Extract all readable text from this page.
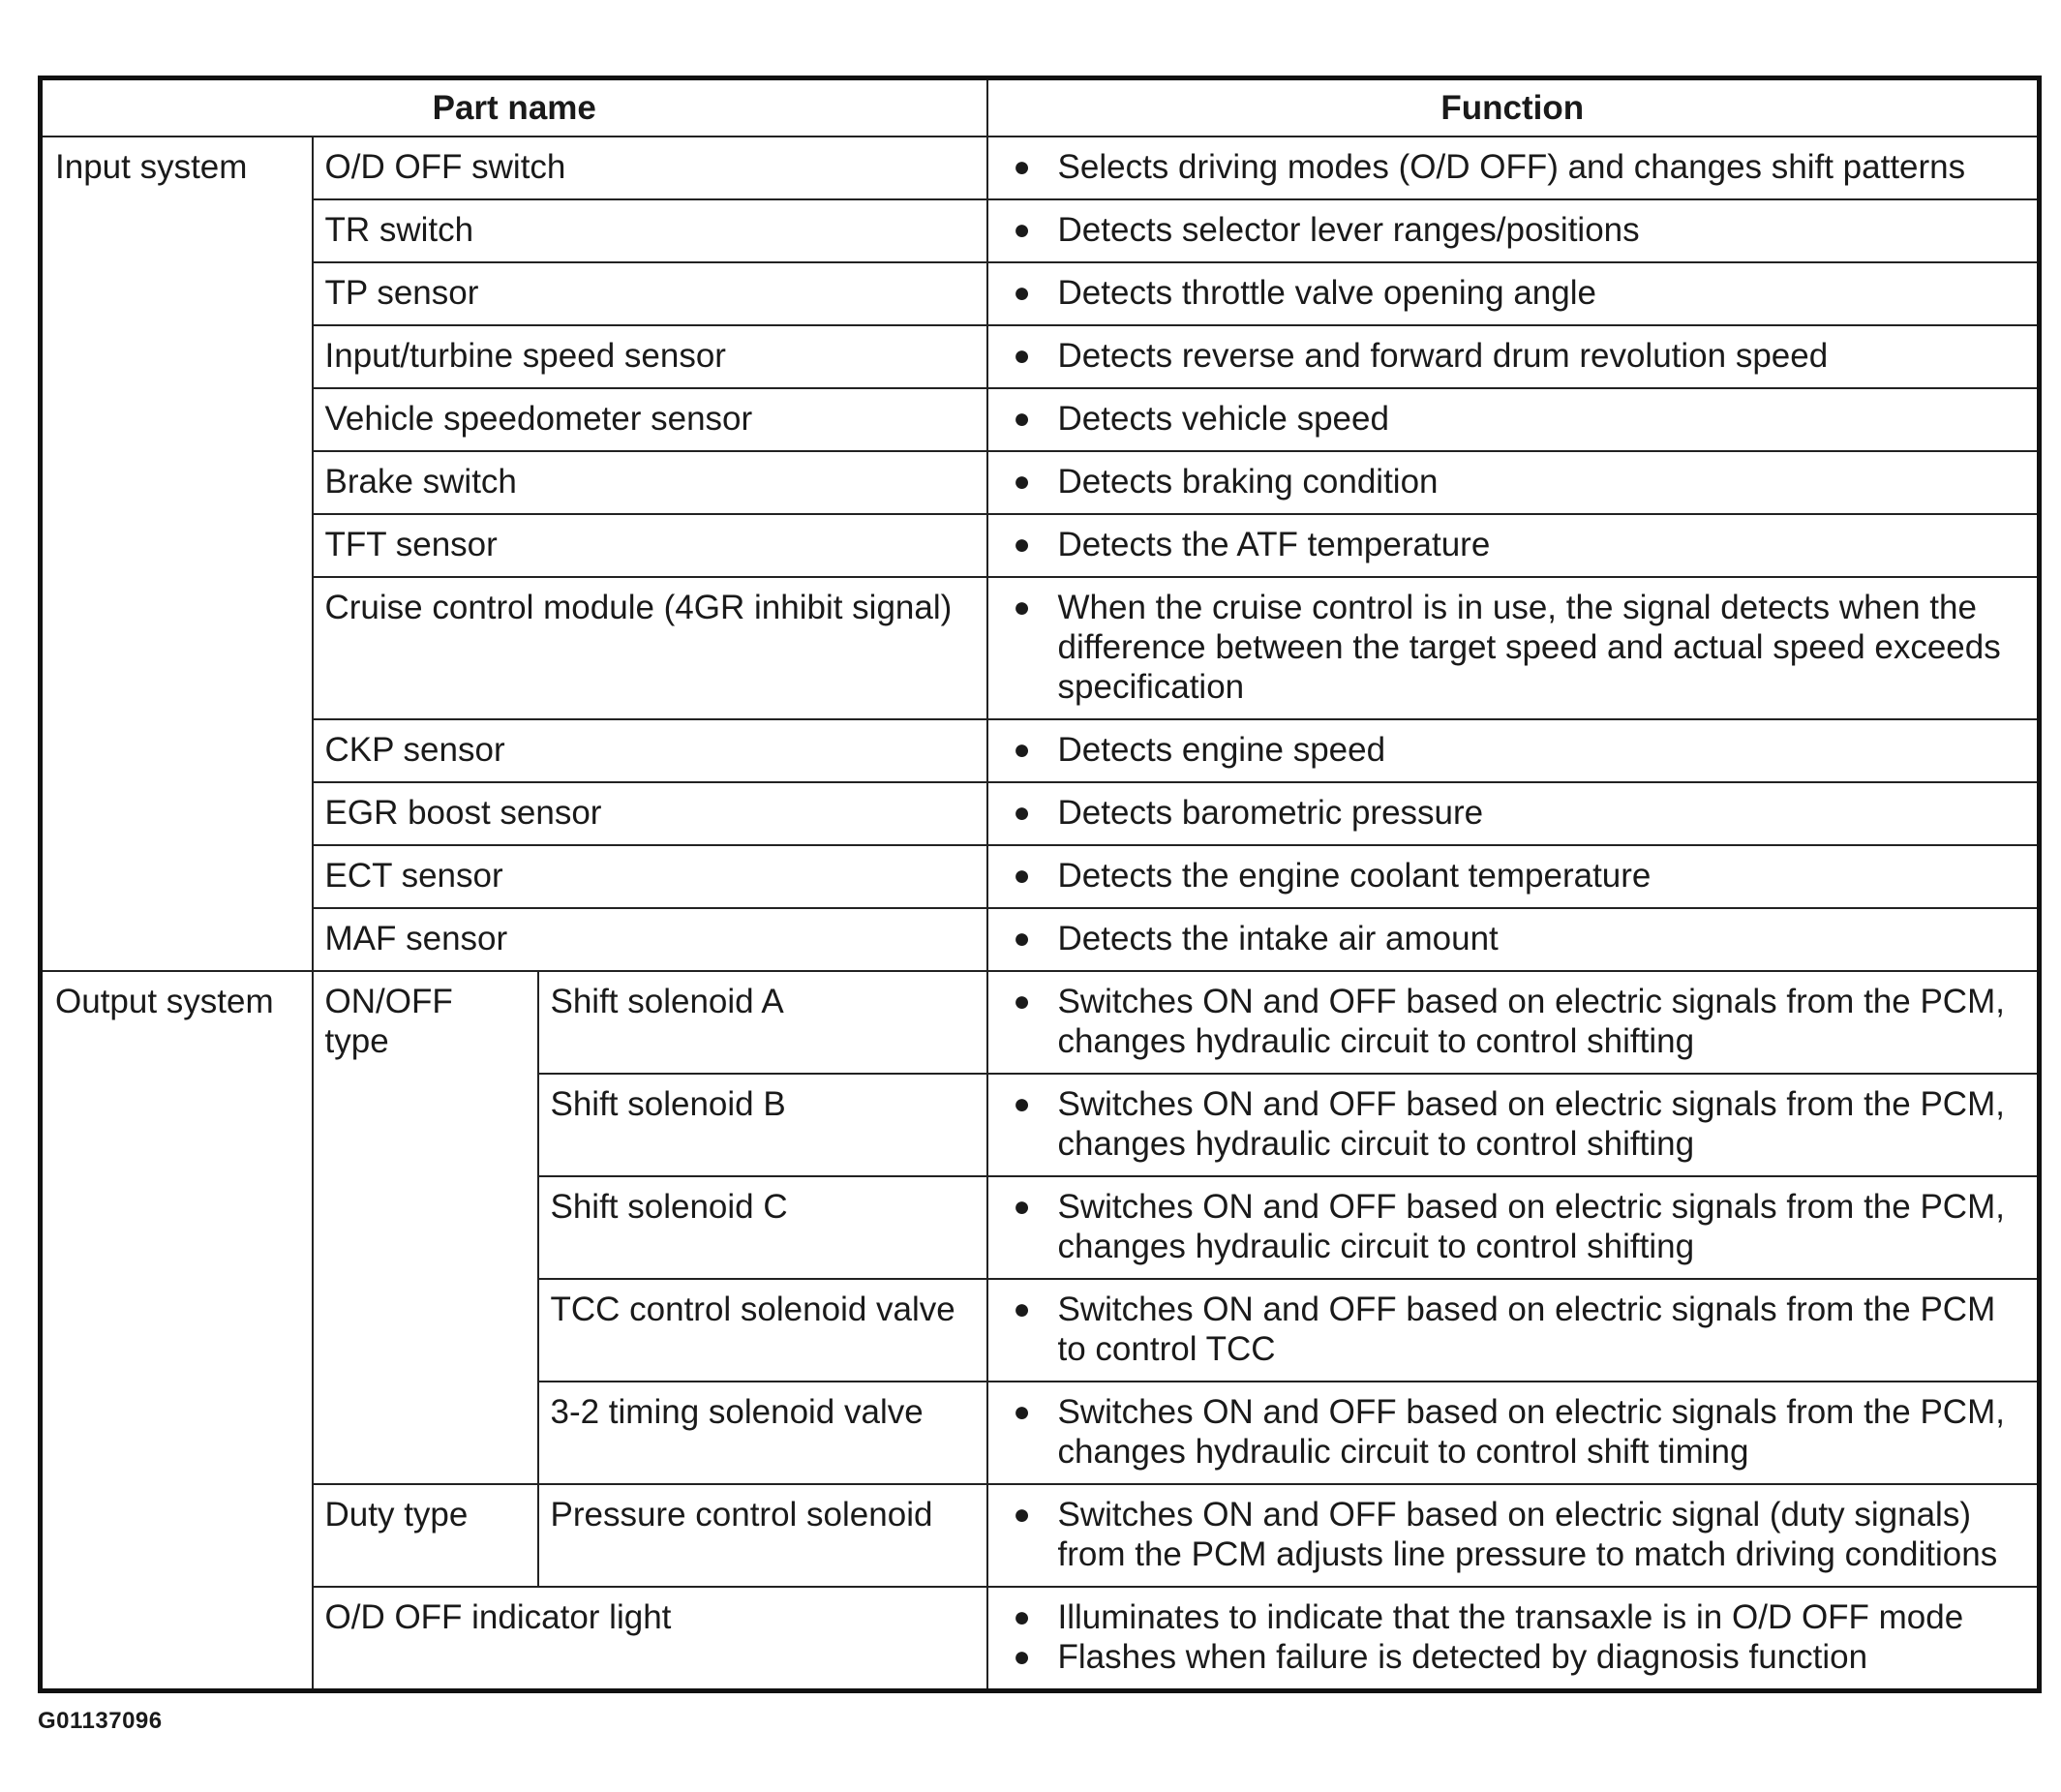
Part name			Function
Input system	O/D OFF switch		● Selects driving modes (O/D OFF) and changes shift patterns

	TR switch		● Detects selector lever ranges/positions

	TP sensor		● Detects throttle valve opening angle

	Input/turbine speed sensor		● Detects reverse and forward drum revolution speed

	Vehicle speedometer sensor		● Detects vehicle speed

	Brake switch		● Detects braking condition

	TFT sensor		● Detects the ATF temperature

	Cruise control module (4GR inhibit signal)		● When the cruise control is in use, the signal detects when the difference between the target speed and actual speed exceeds specification

	CKP sensor		● Detects engine speed

	EGR boost sensor		● Detects barometric pressure

	ECT sensor		● Detects the engine coolant temperature

	MAF sensor		● Detects the intake air amount

Output system	ON/OFF type	Shift solenoid A	● Switches ON and OFF based on electric signals from the PCM, changes hydraulic circuit to control shifting

		Shift solenoid B	● Switches ON and OFF based on electric signals from the PCM, changes hydraulic circuit to control shifting

		Shift solenoid C	● Switches ON and OFF based on electric signals from the PCM, changes hydraulic circuit to control shifting

		TCC control solenoid valve	● Switches ON and OFF based on electric signals from the PCM to control TCC

		3-2 timing solenoid valve	● Switches ON and OFF based on electric signals from the PCM, changes hydraulic circuit to control shift timing

	Duty type	Pressure control solenoid	● Switches ON and OFF based on electric signal (duty signals) from the PCM adjusts line pressure to match driving conditions

	O/D OFF indicator light		● Illuminates to indicate that the transaxle is in O/D OFF mode
● Flashes when failure is detected by diagnosis function
G01137096
